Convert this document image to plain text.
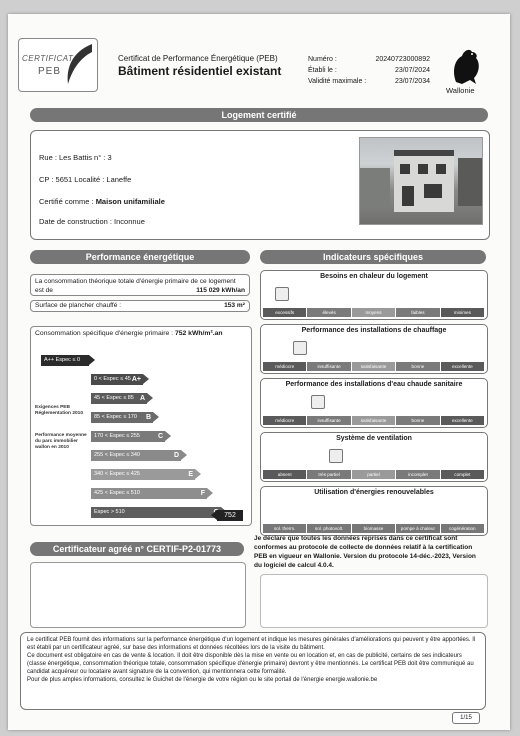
CERTIFICAT
PEB
Certificat de Performance Énergétique (PEB)
Bâtiment résidentiel existant
Numéro :	20240723000892
Établi le :	23/07/2024
Validité maximale :	23/07/2034
Wallonie
Logement certifié
Rue : Les Battis n° : 3
CP : 5651 Localité : Laneffe
Certifié comme : Maison unifamiliale
Date de construction : Inconnue
Performance énergétique
La consommation théorique totale d'énergie primaire de ce logement est de	115 029 kWh/an
Surface de plancher chauffé :	153 m²
Consommation spécifique d'énergie primaire : 752 kWh/m².an
Exigences PEB Réglementation 2010
Performance moyenne du parc immobilier wallon en 2010
A++ Espec ≤ 0
0 < Espec ≤ 45 A+
45 < Espec ≤ 85 A
85 < Espec ≤ 170 B
170 < Espec ≤ 255	C
255 < Espec ≤ 340	D
340 < Espec ≤ 425	E
425 < Espec ≤ 510	F
Espec > 510	752
Indicateurs spécifiques
Besoins en chaleur du logement
excessifs	élevés	moyens	faibles	minimes
Performance des installations de chauffage
médiocre	insuffisante	satisfaisante	bonne	excellente
Performance des installations d'eau chaude sanitaire
médiocre	insuffisante	satisfaisante	bonne	excellente
Système de ventilation
absent	très partiel	partiel	incomplet	complet
Utilisation d'énergies renouvelables
sol. therm.	sol. photovolt.	biomasse	pompe à chaleur	cogénération
Certificateur agréé n° CERTIF-P2-01773
Je déclare que toutes les données reprises dans ce certificat sont conformes au protocole de collecte de données relatif à la certification PEB en vigueur en Wallonie. Version du protocole 14-déc.-2023, Version du logiciel de calcul 4.0.4.
Le certificat PEB fournit des informations sur la performance énergétique d'un logement et indique les mesures générales d'améliorations qui peuvent y être apportées. Il est établi par un certificateur agréé, sur base des informations et données récoltées lors de la visite du bâtiment.
Ce document est obligatoire en cas de vente & location. Il doit être disponible dès la mise en vente ou en location et, en cas de publicité, certains de ses indicateurs (classe énergétique, consommation théorique totale, consommation spécifique d'énergie primaire) devront y être mentionnés. Le certificat PEB doit être communiqué au candidat acquéreur ou locataire avant signature de la convention, qui mentionnera cette formalité.
Pour de plus amples informations, consultez le Guichet de l'énergie de votre région ou le site portail de l'énergie energie.wallonie.be
1/15
